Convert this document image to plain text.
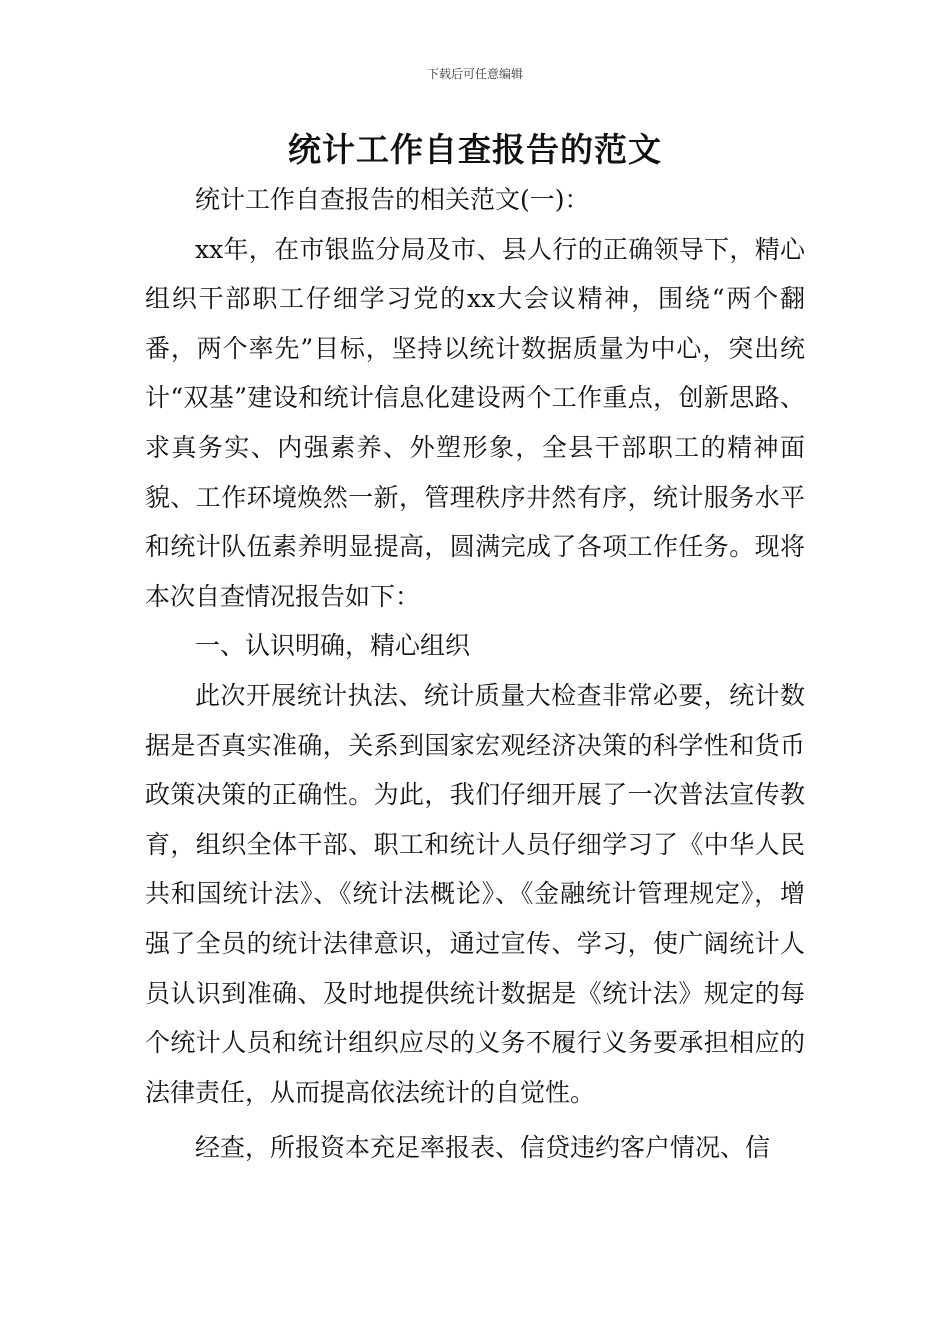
下载后可任意编辑
统计工作自查报告的范文

统计工作自查报告的相关范文(一)：

xx年，在市银监分局及市、县人行的正确领导下，精心组织干部职工仔细学习党的xx大会议精神，围绕“两个翻番，两个率先”目标，坚持以统计数据质量为中心，突出统计“双基”建设和统计信息化建设两个工作重点，创新思路、求真务实、内强素养、外塑形象，全县干部职工的精神面貌、工作环境焕然一新，管理秩序井然有序，统计服务水平和统计队伍素养明显提高，圆满完成了各项工作任务。现将本次自查情况报告如下：

一、认识明确，精心组织

此次开展统计执法、统计质量大检查非常必要，统计数据是否真实准确，关系到国家宏观经济决策的科学性和货币政策决策的正确性。为此，我们仔细开展了一次普法宣传教育，组织全体干部、职工和统计人员仔细学习了《中华人民共和国统计法》、《统计法概论》、《金融统计管理规定》，增强了全员的统计法律意识，通过宣传、学习，使广阔统计人员认识到准确、及时地提供统计数据是《统计法》规定的每个统计人员和统计组织应尽的义务不履行义务要承担相应的法律责任，从而提高依法统计的自觉性。

经查，所报资本充足率报表、信贷违约客户情况、信
